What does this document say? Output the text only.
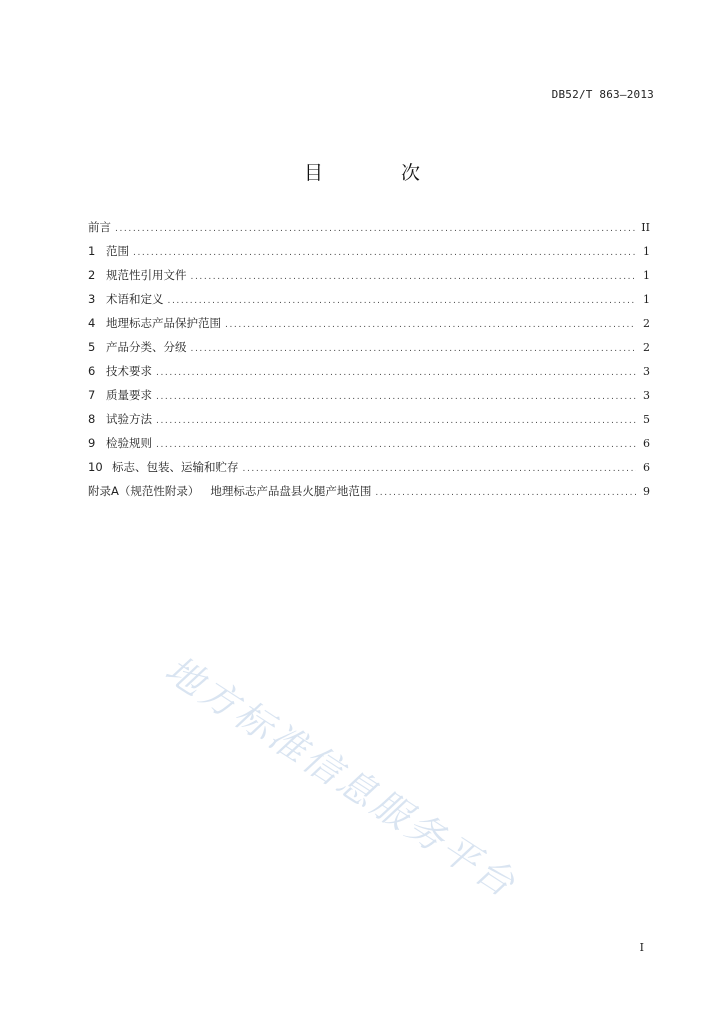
DB52/T 863—2013
目 次
前言 .....	II
1 范围 .....	1
2 规范性引用文件 .....	1
3 术语和定义 .....	1
4 地理标志产品保护范围 .....	2
5 产品分类、分级 .....	2
6 技术要求 .....	3
7 质量要求 .....	3
8 试验方法 .....	5
9 检验规则 .....	6
10 标志、包装、运输和贮存 .....	6
附录A（规范性附录）   地理标志产品盘县火腿产地范围 .....	9
地方标准信息服务平台
I
